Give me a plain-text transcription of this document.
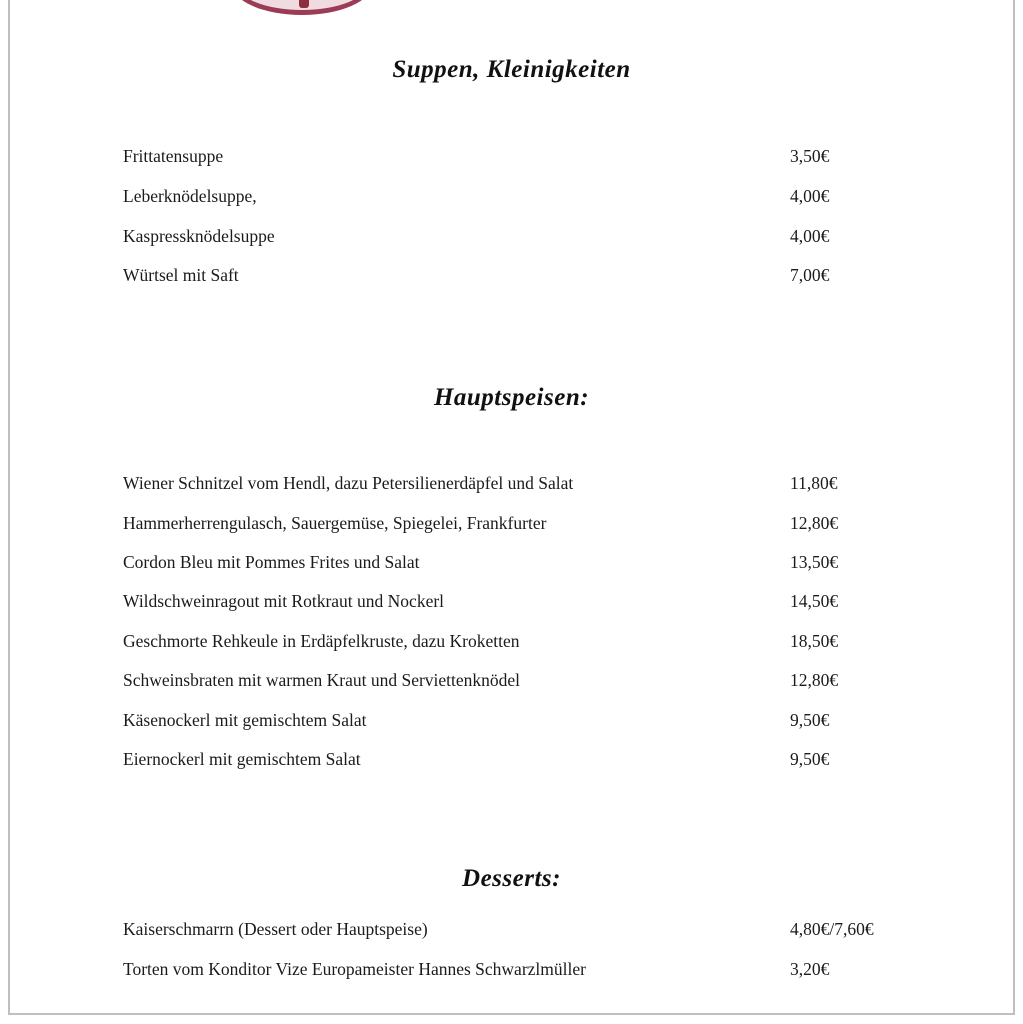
Suppen, Kleinigkeiten
Frittatensuppe	3,50€
Leberknödelsuppe,	4,00€
Kaspressknödelsuppe	4,00€
Würtsel mit Saft	7,00€
Hauptspeisen:
Wiener Schnitzel vom Hendl, dazu Petersilienerdäpfel und Salat	11,80€
Hammerherrengulasch, Sauergemüse, Spiegelei, Frankfurter	12,80€
Cordon Bleu mit Pommes Frites und Salat	13,50€
Wildschweinragout mit Rotkraut und Nockerl	14,50€
Geschmorte Rehkeule in Erdäpfelkruste, dazu Kroketten	18,50€
Schweinsbraten mit warmen Kraut und Serviettenknödel	12,80€
Käsenockerl mit gemischtem Salat	9,50€
Eiernockerl mit gemischtem Salat	9,50€
Desserts:
Kaiserschmarrn (Dessert oder Hauptspeise)	4,80€/7,60€
Torten vom Konditor Vize Europameister Hannes Schwarzlmüller	3,20€
